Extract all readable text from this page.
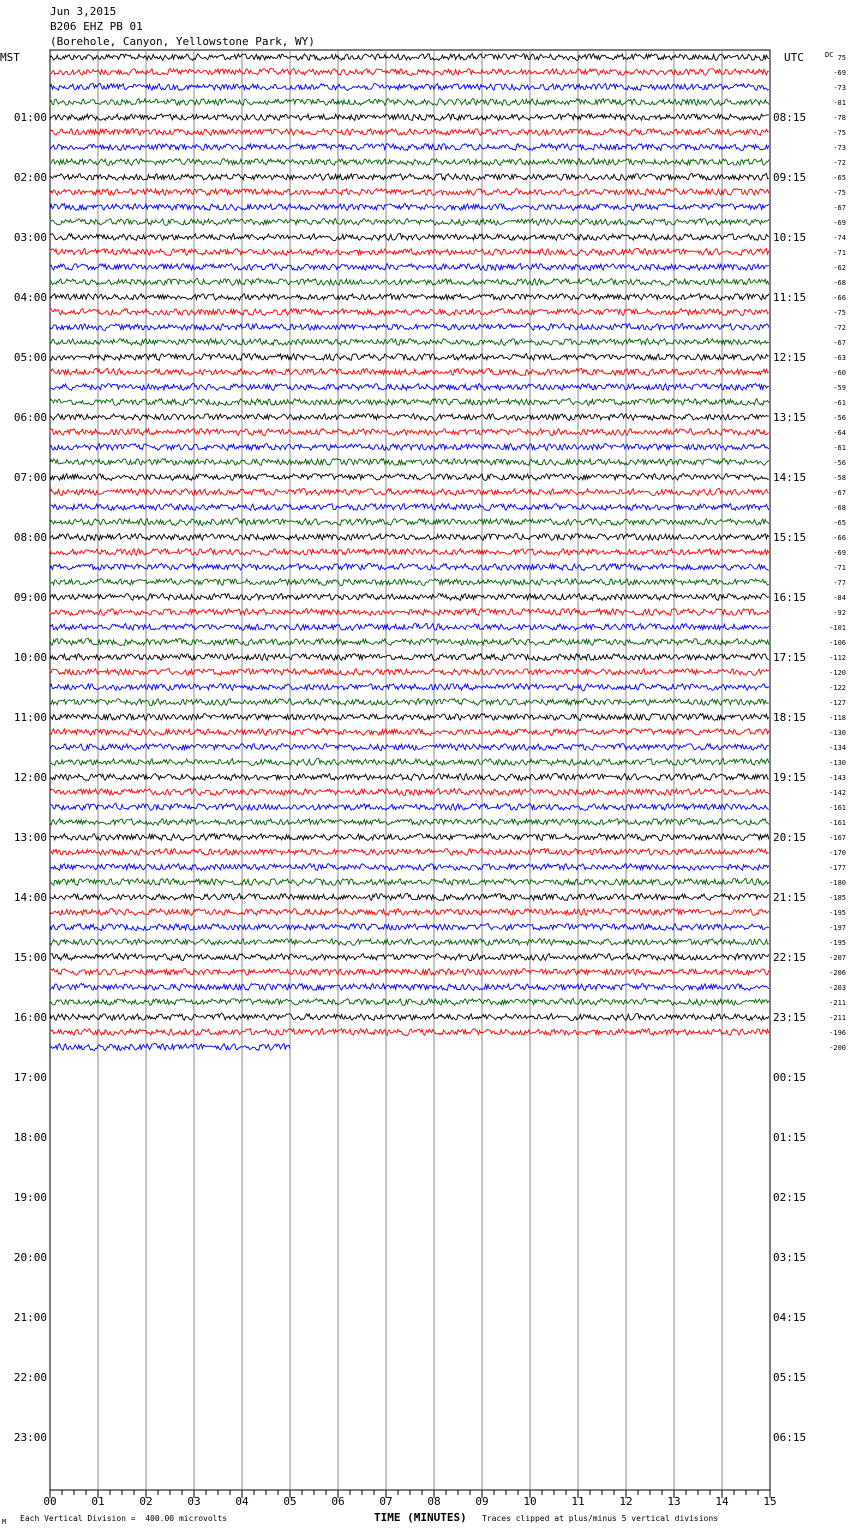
Jun 3,2015
B206 EHZ PB 01
(Borehole, Canyon, Yellowstone Park, WY)
01:00
02:00
03:00
04:00
05:00
06:00
07:00
08:00
09:00
10:00
11:00
12:00
13:00
14:00
15:00
16:00
17:00
18:00
19:00
20:00
21:00
22:00
23:00
08:15
09:15
10:15
11:15
12:15
13:15
14:15
15:15
16:15
17:15
18:15
19:15
20:15
21:15
22:15
23:15
00:15
01:15
02:15
03:15
04:15
05:15
06:15
MST	UTC	DC 75
-69
-73
-81
-78
-75
-73
-72
-65
-75
-67
-69
-74
-71
-62
-68
-66
-75
-72
-67
-63
-60
-59
-61
-56
-64
-61
-56
-58
-67
-68
-65
-66
-69
-71
-77
-84
-92
-101
-106
-112
-120
-122
-127
-118
-130
-134
-130
-143
-142
-161
-161
-167
-170
-177
-180
-185
-195
-197
-195
-207
-206
-203
-211
-211
-196
-200
00	01	02	03	04	05	06	07	08	09	10	11	12	13	14	15
M Each Vertical Division =  400.00 microvolts	TIME (MINUTES) Traces clipped at plus/minus 5 vertical divisions
